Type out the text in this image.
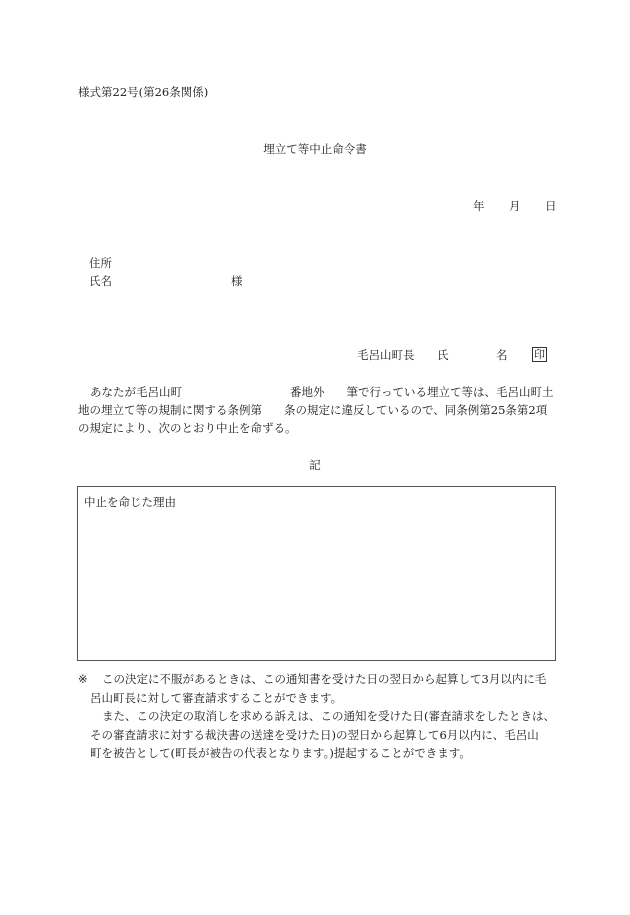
様式第22号(第26条関係)
埋立て等中止命令書
年 月 日
住所
氏名	様
毛呂山町長 氏	名 印

あなたが毛呂山町	番地外 筆で行っている埋立て等は、毛呂山町土

地の埋立て等の規制に関する条例第 条の規定に違反しているので、同条例第25条第2項

の規定により、次のとおり中止を命ずる。

記
中止を命じた理由
※	この決定に不服があるときは、この通知書を受けた日の翌日から起算して3月以内に毛

呂山町長に対して審査請求することができます。

また、この決定の取消しを求める訴えは、この通知を受けた日(審査請求をしたときは、

その審査請求に対する裁決書の送達を受けた日)の翌日から起算して6月以内に、毛呂山

町を被告として(町長が被告の代表となります。)提起することができます。
